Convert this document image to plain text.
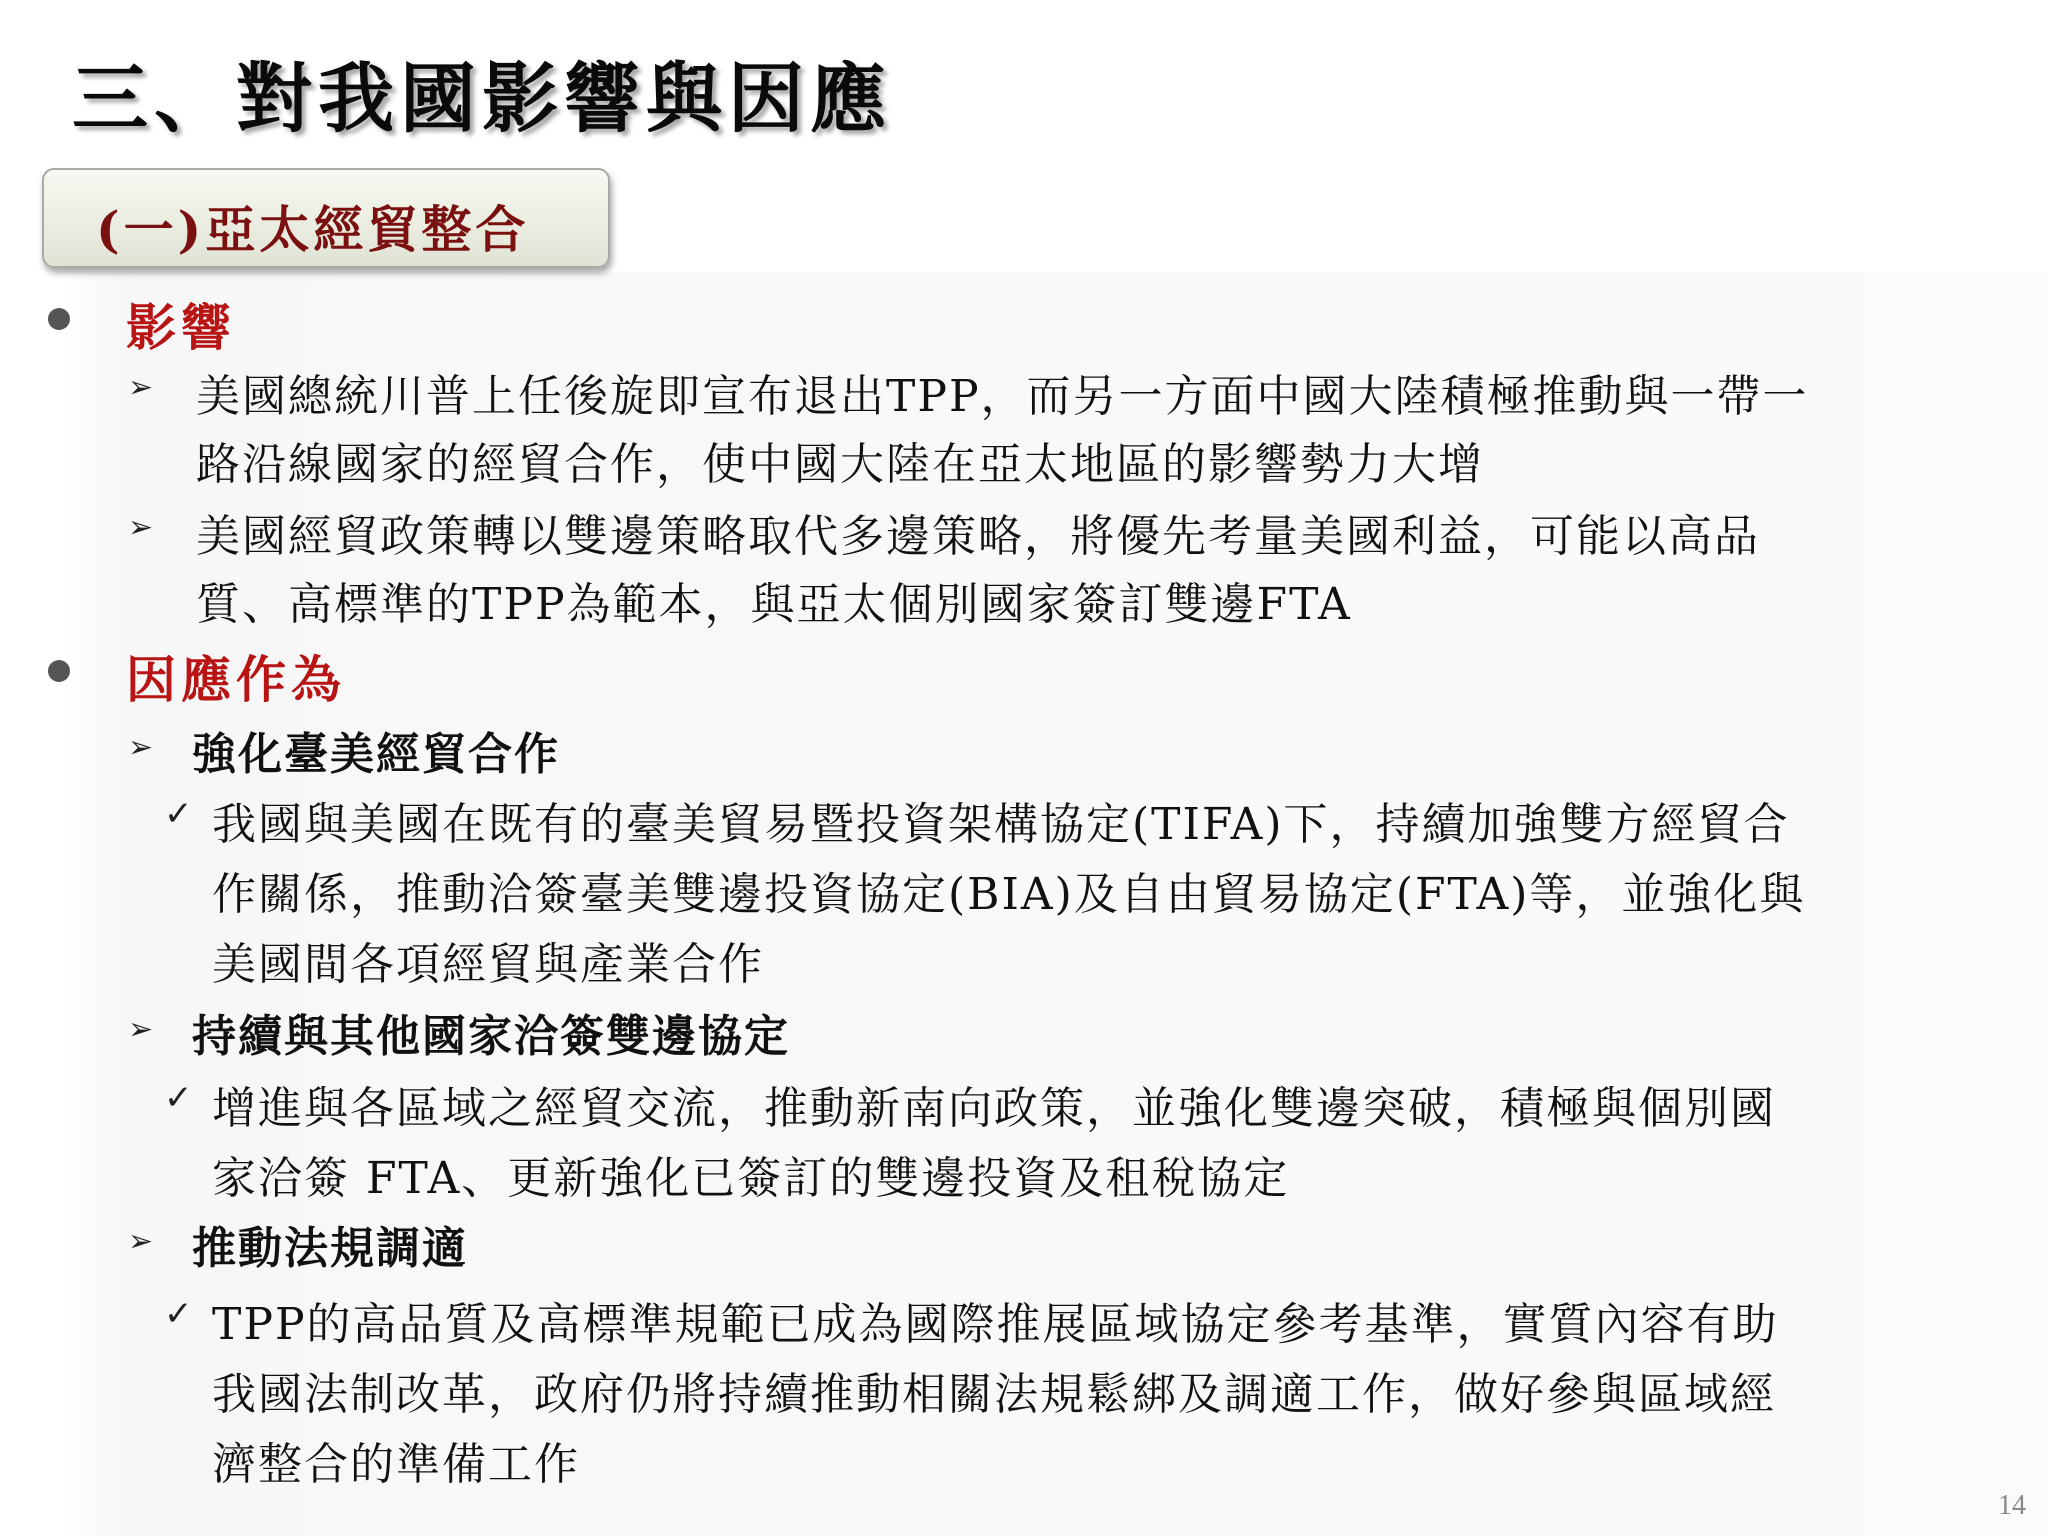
三、對我國影響與因應
(一)亞太經貿整合
影響
➢ 美國總統川普上任後旋即宣布退出TPP，而另一方面中國大陸積極推動與一帶一
路沿線國家的經貿合作，使中國大陸在亞太地區的影響勢力大增
➢ 美國經貿政策轉以雙邊策略取代多邊策略，將優先考量美國利益，可能以高品
質、高標準的TPP為範本，與亞太個別國家簽訂雙邊FTA
因應作為
➢ 強化臺美經貿合作
✓ 我國與美國在既有的臺美貿易暨投資架構協定(TIFA)下，持續加強雙方經貿合
作關係，推動洽簽臺美雙邊投資協定(BIA)及自由貿易協定(FTA)等，並強化與
美國間各項經貿與產業合作
➢ 持續與其他國家洽簽雙邊協定
✓ 增進與各區域之經貿交流，推動新南向政策，並強化雙邊突破，積極與個別國
家洽簽 FTA、更新強化已簽訂的雙邊投資及租稅協定
➢ 推動法規調適
✓ TPP的高品質及高標準規範已成為國際推展區域協定參考基準，實質內容有助
我國法制改革，政府仍將持續推動相關法規鬆綁及調適工作，做好參與區域經
濟整合的準備工作
14
